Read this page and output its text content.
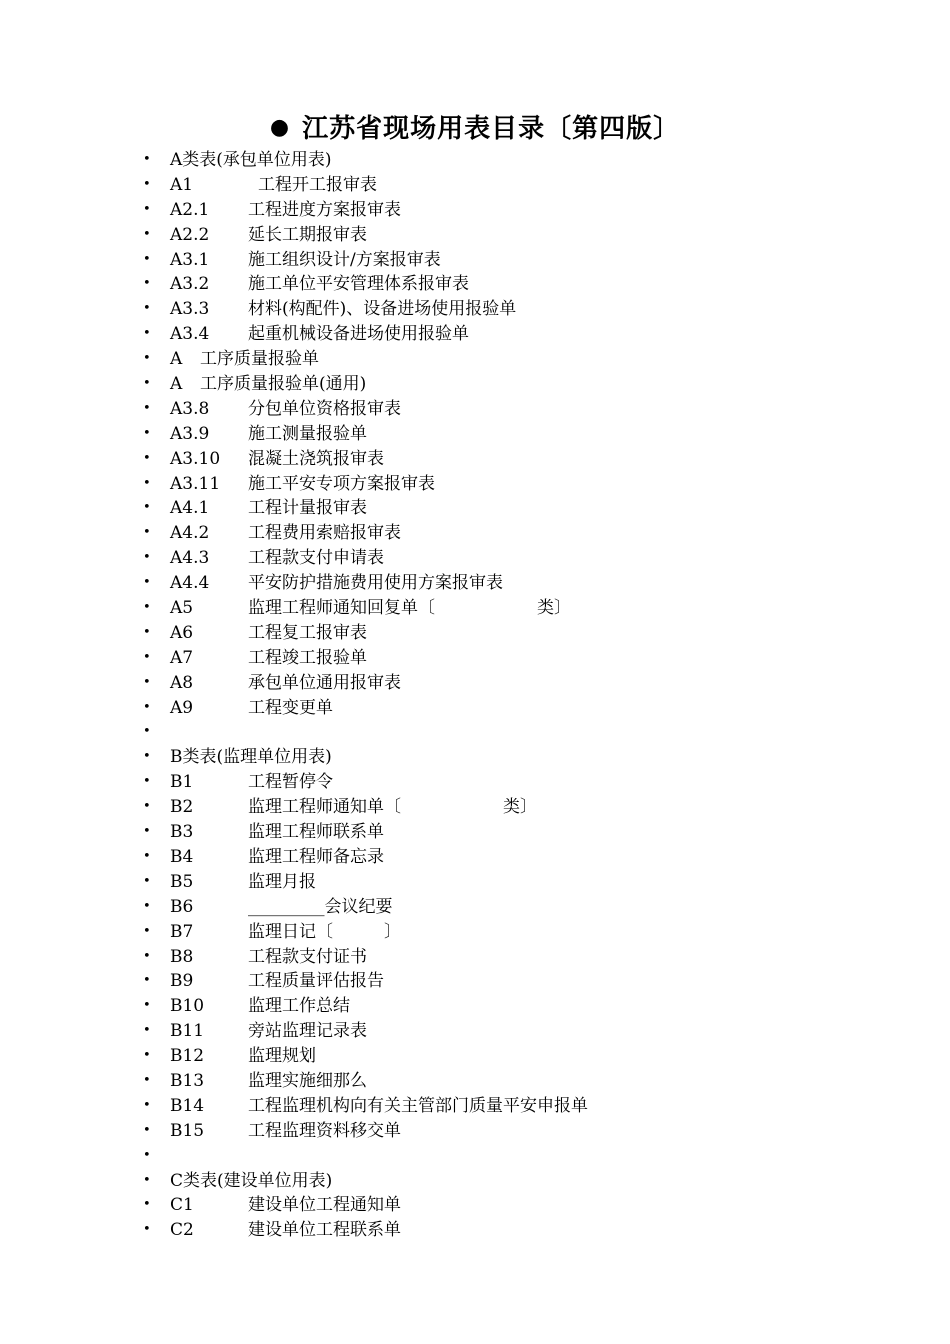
● 江苏省现场用表目录〔第四版〕
• A类表(承包单位用表)
• A1	工程开工报审表
• A2.1 工程进度方案报审表
• A2.2 延长工期报审表
• A3.1 施工组织设计/方案报审表
• A3.2 施工单位平安管理体系报审表
• A3.3 材料(构配件)、设备进场使用报验单
• A3.4 起重机械设备进场使用报验单
• A 工序质量报验单
• A 工序质量报验单(通用)
• A3.8 分包单位资格报审表
• A3.9 施工测量报验单
• A3.10 混凝土浇筑报审表
• A3.11 施工平安专项方案报审表
• A4.1 工程计量报审表
• A4.2 工程费用索赔报审表
• A4.3 工程款支付申请表
• A4.4 平安防护措施费用使用方案报审表
• A5	监理工程师通知回复单〔　　　　　　类〕
• A6	工程复工报审表
• A7	工程竣工报验单
• A8	承包单位通用报审表
• A9	工程变更单
•
• B类表(监理单位用表)
• B1	工程暂停令
• B2	监理工程师通知单〔　　　　　　类〕
• B3	监理工程师联系单
• B4	监理工程师备忘录
• B5	监理月报
• B6	_________会议纪要
• B7	监理日记〔　　　〕
• B8	工程款支付证书
• B9	工程质量评估报告
• B10	监理工作总结
• B11	旁站监理记录表
• B12	监理规划
• B13	监理实施细那么
• B14	工程监理机构向有关主管部门质量平安申报单
• B15	工程监理资料移交单
•
• C类表(建设单位用表)
• C1	建设单位工程通知单
• C2	建设单位工程联系单
